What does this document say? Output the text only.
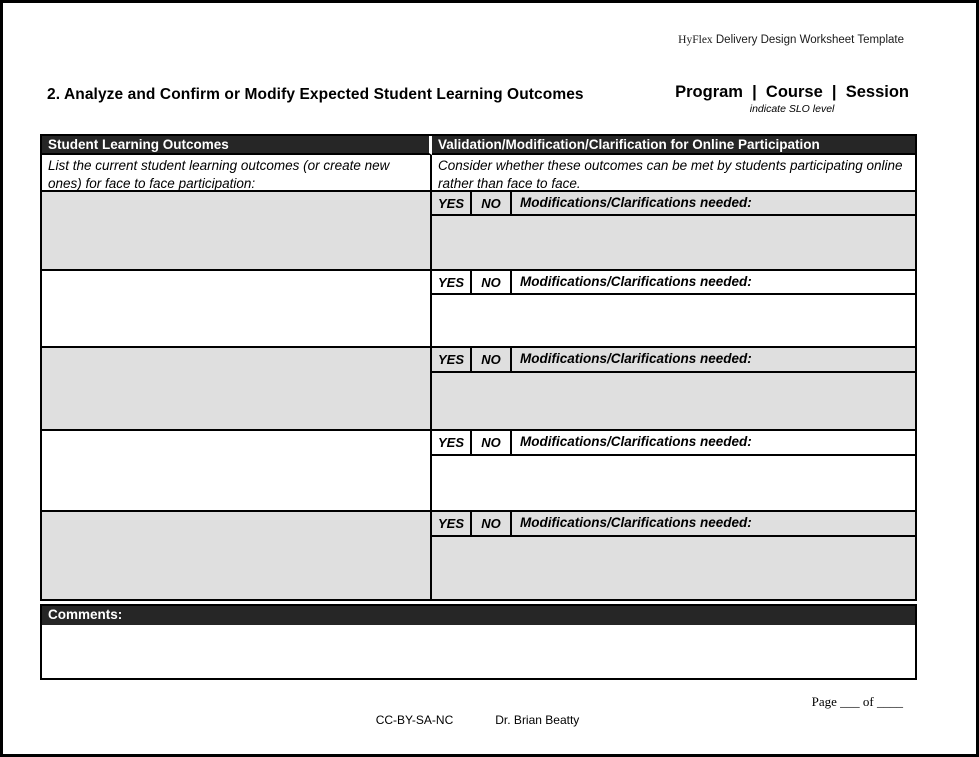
HyFlex Delivery Design Worksheet Template
2. Analyze and Confirm or Modify Expected Student Learning Outcomes	Program  |  Course  |  Session
indicate SLO level
Student Learning Outcomes	Validation/Modification/Clarification for Online Participation
List the current student learning outcomes (or create new ones) for face to face participation:
Consider whether these outcomes can be met by students participating online rather than face to face.
YES	NO	Modifications/Clarifications needed:
YES	NO	Modifications/Clarifications needed:
YES	NO	Modifications/Clarifications needed:
YES	NO	Modifications/Clarifications needed:
YES	NO	Modifications/Clarifications needed:
Comments:
Page ___ of ____
CC-BY-SA-NC	Dr. Brian Beatty
